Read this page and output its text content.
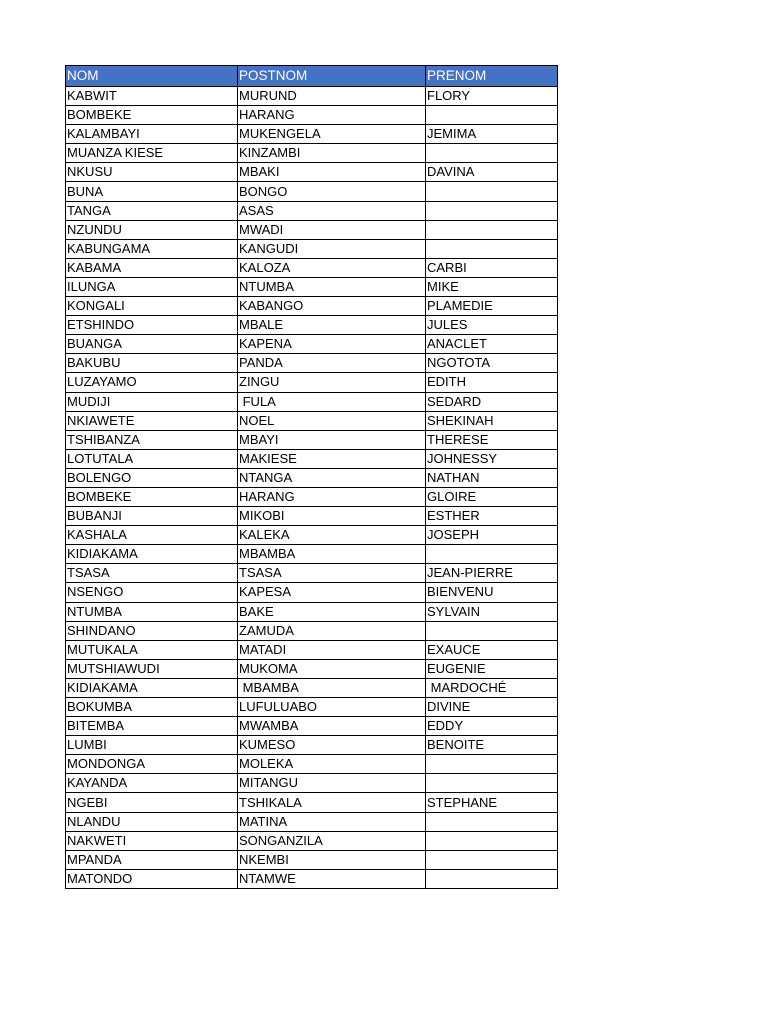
NOM	POSTNOM	PRENOM
KABWIT	MURUND	FLORY
BOMBEKE	HARANG	
KALAMBAYI	MUKENGELA	JEMIMA
MUANZA KIESE	KINZAMBI	
NKUSU	MBAKI	DAVINA
BUNA	BONGO	
TANGA	ASAS	
NZUNDU	MWADI	
KABUNGAMA	KANGUDI	
KABAMA	KALOZA	CARBI
ILUNGA	NTUMBA	MIKE
KONGALI	KABANGO	PLAMEDIE
ETSHINDO	MBALE	JULES
BUANGA	KAPENA	ANACLET
BAKUBU	PANDA	NGOTOTA
LUZAYAMO	ZINGU	EDITH
MUDIJI	FULA	SEDARD
NKIAWETE	NOEL	SHEKINAH
TSHIBANZA	MBAYI	THERESE
LOTUTALA	MAKIESE	JOHNESSY
BOLENGO	NTANGA	NATHAN
BOMBEKE	HARANG	GLOIRE
BUBANJI	MIKOBI	ESTHER
KASHALA	KALEKA	JOSEPH
KIDIAKAMA	MBAMBA	
TSASA	TSASA	JEAN-PIERRE
NSENGO	KAPESA	BIENVENU
NTUMBA	BAKE	SYLVAIN
SHINDANO	ZAMUDA	
MUTUKALA	MATADI	EXAUCE
MUTSHIAWUDI	MUKOMA	EUGENIE
KIDIAKAMA	MBAMBA	MARDOCHÉ
BOKUMBA	LUFULUABO	DIVINE
BITEMBA	MWAMBA	EDDY
LUMBI	KUMESO	BENOITE
MONDONGA	MOLEKA	
KAYANDA	MITANGU	
NGEBI	TSHIKALA	STEPHANE
NLANDU	MATINA	
NAKWETI	SONGANZILA	
MPANDA	NKEMBI	
MATONDO	NTAMWE	
